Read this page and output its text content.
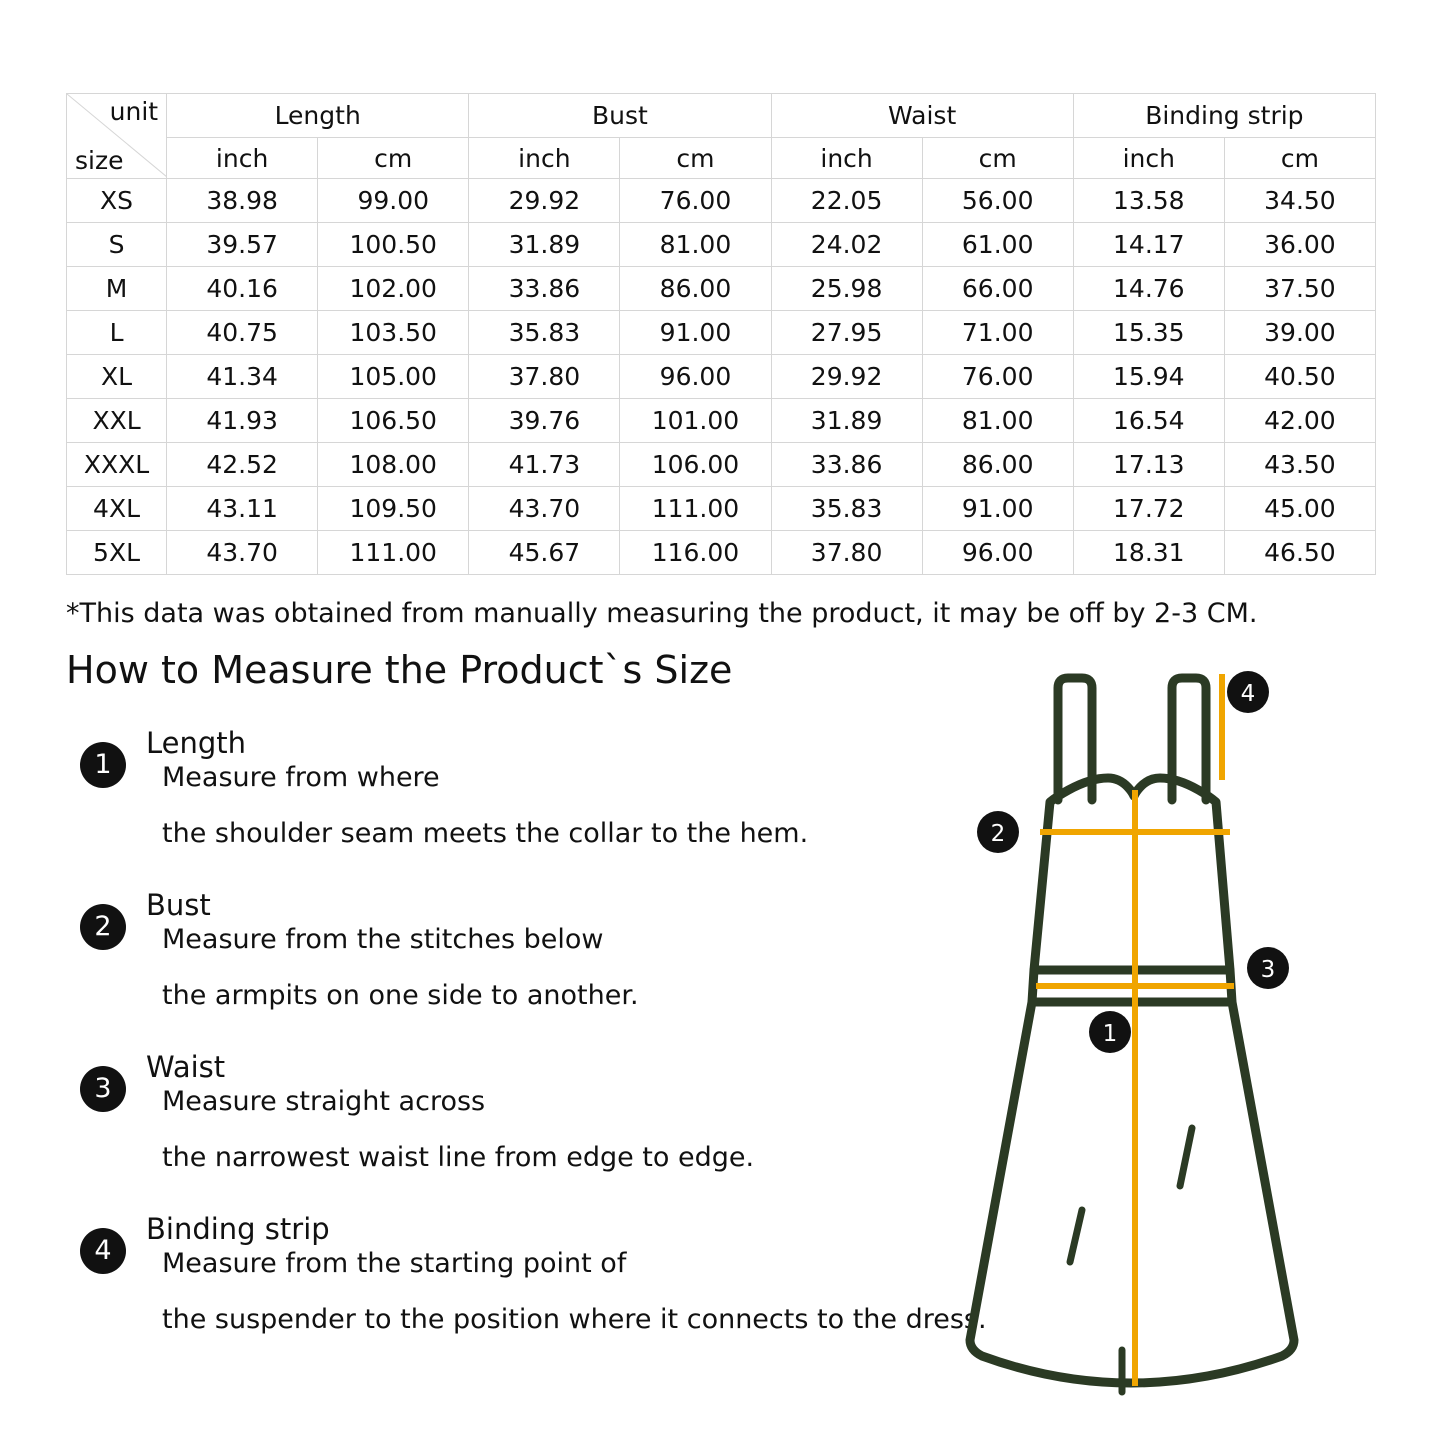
unit
size	Length		Bust		Waist		Binding strip	
	inch	cm	inch	cm	inch	cm	inch	cm
XS	38.98	99.00	29.92	76.00	22.05	56.00	13.58	34.50
S	39.57	100.50	31.89	81.00	24.02	61.00	14.17	36.00
M	40.16	102.00	33.86	86.00	25.98	66.00	14.76	37.50
L	40.75	103.50	35.83	91.00	27.95	71.00	15.35	39.00
XL	41.34	105.00	37.80	96.00	29.92	76.00	15.94	40.50
XXL	41.93	106.50	39.76	101.00	31.89	81.00	16.54	42.00
XXXL	42.52	108.00	41.73	106.00	33.86	86.00	17.13	43.50
4XL	43.11	109.50	43.70	111.00	35.83	91.00	17.72	45.00
5XL	43.70	111.00	45.67	116.00	37.80	96.00	18.31	46.50
*This data was obtained from manually measuring the product, it may be off by 2-3 CM.
How to Measure the Product`s Size
1
Length
Measure from where
the shoulder seam meets the collar to the hem.
2
Bust
Measure from the stitches below
the armpits on one side to another.
3
Waist
Measure straight across
the narrowest waist line from edge to edge.
4
Binding strip
Measure from the starting point of
the suspender to the position where it connects to the dress.
4
2
3
1
